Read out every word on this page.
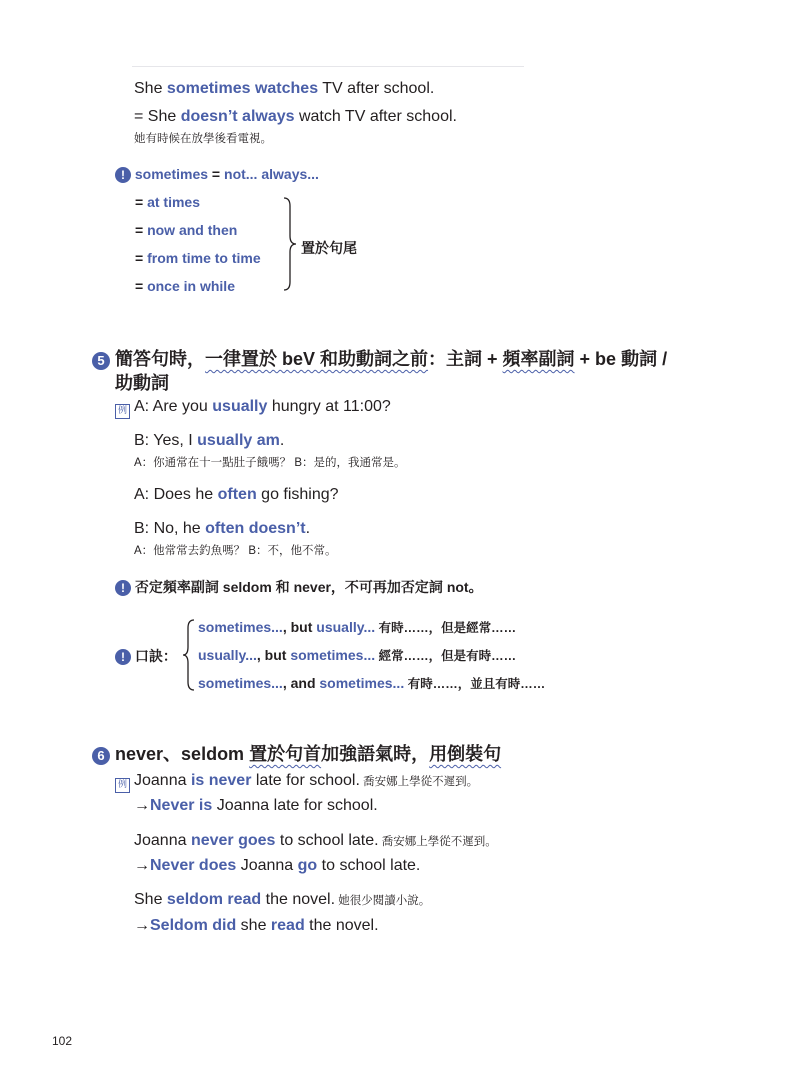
She sometimes watches TV after school.
= She doesn’t always watch TV after school.
她有時候在放學後看電視。
! sometimes = not... always...
= at times
= now and then
= from time to time
= once in while
置於句尾
5 簡答句時，一律置於 beV 和助動詞之前：主詞 + 頻率副詞 + be 動詞 /
助動詞
例 A: Are you usually hungry at 11:00?
B: Yes, I usually am.
A：你通常在十一點肚子餓嗎？ B：是的，我通常是。
A: Does he often go fishing?
B: No, he often doesn’t.
A：他常常去釣魚嗎？ B：不，他不常。
! 否定頻率副詞 seldom 和 never，不可再加否定詞 not。
! 口訣：
sometimes..., but usually... 有時……，但是經常……
usually..., but sometimes... 經常……，但是有時……
sometimes..., and sometimes... 有時……，並且有時……
6 never、seldom 置於句首加強語氣時，用倒裝句
例 Joanna is never late for school. 喬安娜上學從不遲到。
→Never is Joanna late for school.
Joanna never goes to school late. 喬安娜上學從不遲到。
→Never does Joanna go to school late.
She seldom read the novel. 她很少閱讀小說。
→Seldom did she read the novel.
102
